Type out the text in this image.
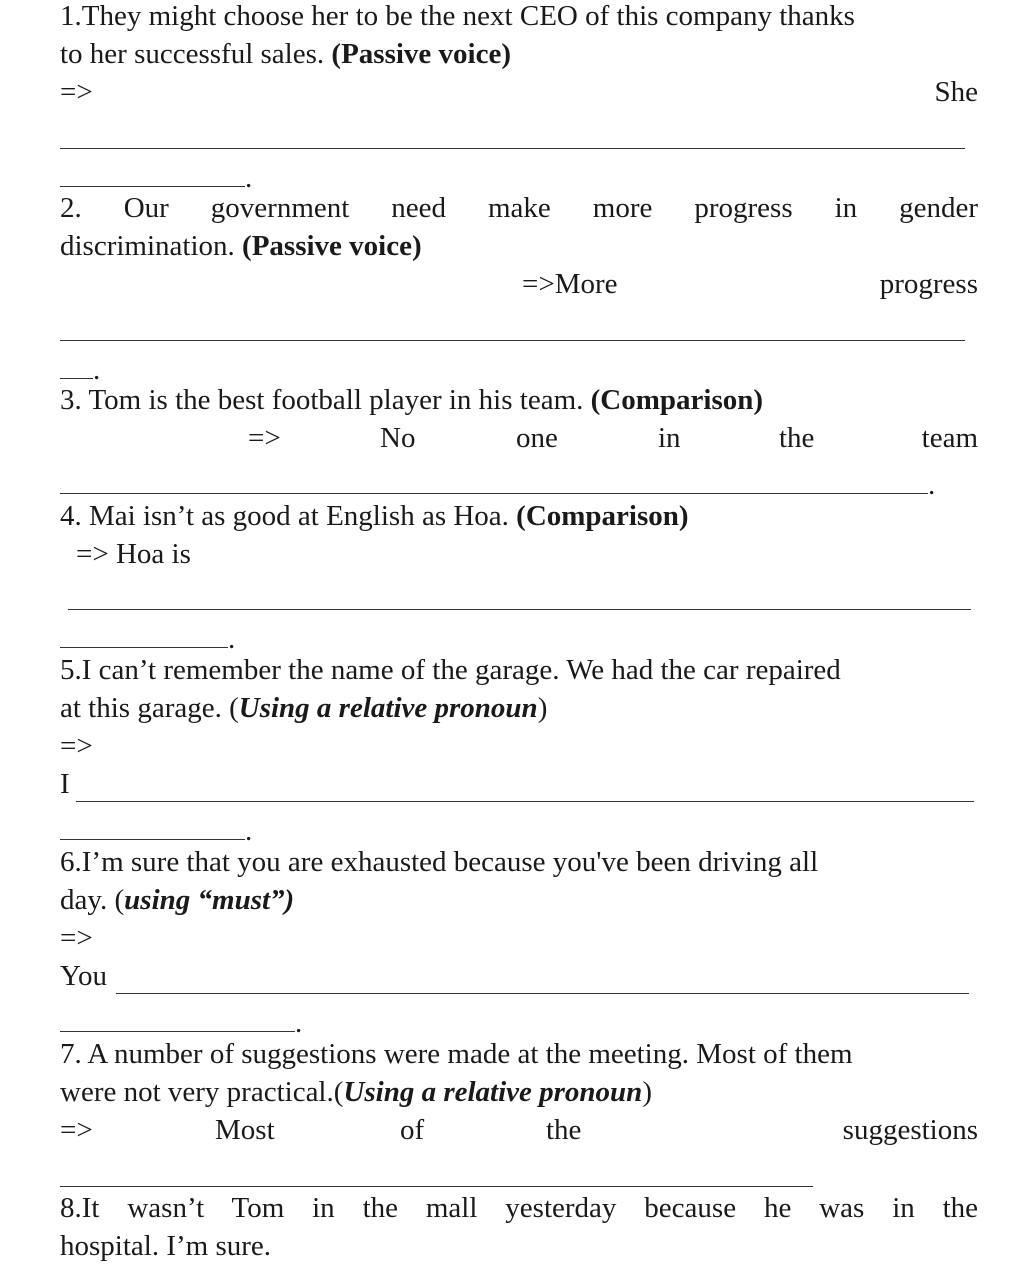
1.They might choose her to be the next CEO of this company thanks
to her successful sales. (Passive voice)
=>	She
.
2. Our government need make more progress in gender
discrimination. (Passive voice)
=>More	progress
.
3. Tom is the best football player in his team. (Comparison)
=>	No	one	in	the	team
.
4. Mai isn’t as good at English as Hoa. (Comparison)
=> Hoa is
.
5.I can’t remember the name of the garage. We had the car repaired
at this garage. (Using a relative pronoun)
=>
I
.
6.I’m sure that you are exhausted because you've been driving all
day. (using “must”)
=>
You
.
7. A number of suggestions were made at the meeting. Most of them
were not very practical.(Using a relative pronoun)
=>	Most	of	the	suggestions
8.It wasn’t Tom in the mall yesterday because he was in the
hospital. I’m sure.
